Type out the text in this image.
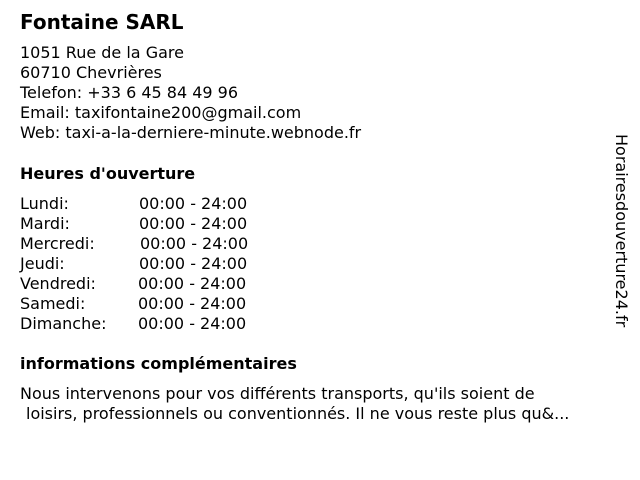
Fontaine SARL
1051 Rue de la Gare
60710 Chevrières
Telefon: +33 6 45 84 49 96
Email: taxifontaine200@gmail.com
Web: taxi-a-la-derniere-minute.webnode.fr
Heures d'ouverture
Lundi:	00:00 - 24:00
Mardi:	00:00 - 24:00
Mercredi:	00:00 - 24:00
Jeudi:	00:00 - 24:00
Vendredi:	00:00 - 24:00
Samedi:	00:00 - 24:00
Dimanche: 00:00 - 24:00
informations complémentaires
Nous intervenons pour vos différents transports, qu'ils soient de
loisirs, professionnels ou conventionnés. Il ne vous reste plus qu&...
Horairesdouverture24.fr
